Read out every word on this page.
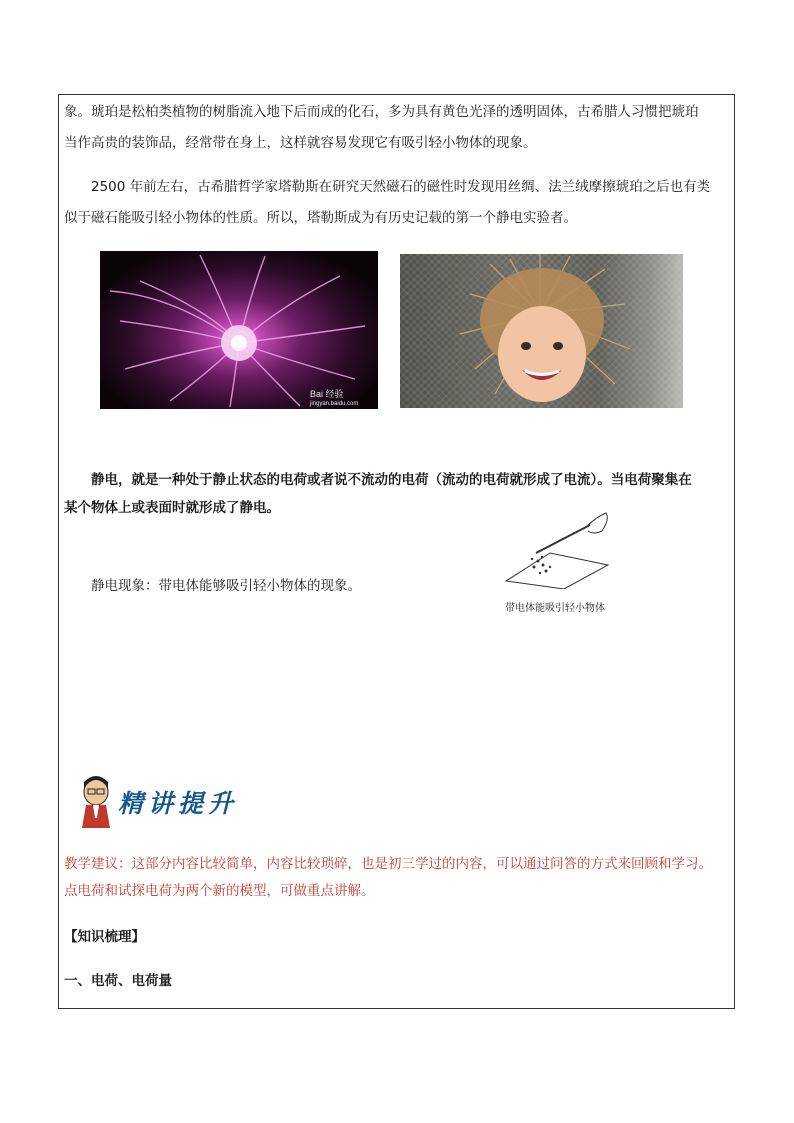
象。琥珀是松柏类植物的树脂流入地下后而成的化石，多为具有黄色光泽的透明固体，古希腊人习惯把琥珀

当作高贵的装饰品，经常带在身上，这样就容易发现它有吸引轻小物体的现象。

2500 年前左右，古希腊哲学家塔勒斯在研究天然磁石的磁性时发现用丝绸、法兰绒摩擦琥珀之后也有类

似于磁石能吸引轻小物体的性质。所以，塔勒斯成为有历史记载的第一个静电实验者。

Bai 经验
jingyan.baidu.com

静电，就是一种处于静止状态的电荷或者说不流动的电荷（流动的电荷就形成了电流）。当电荷聚集在

某个物体上或表面时就形成了静电。

静电现象：带电体能够吸引轻小物体的现象。

带电体能吸引轻小物体
精讲提升

教学建议：这部分内容比较简单，内容比较琐碎，也是初三学过的内容，可以通过问答的方式来回顾和学习。

点电荷和试探电荷为两个新的模型，可做重点讲解。

【知识梳理】

一、电荷、电荷量
